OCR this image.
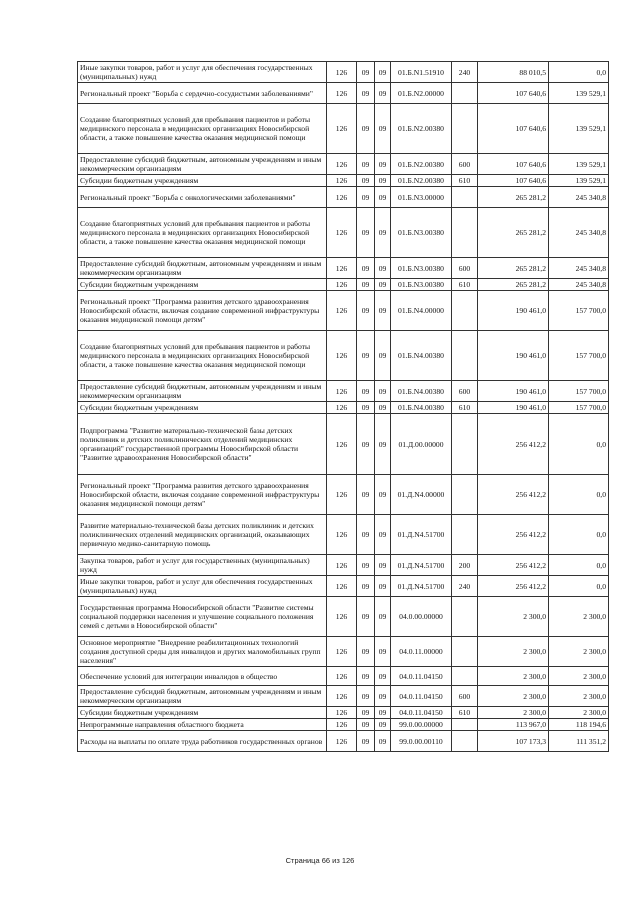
Иные закупки товаров, работ и услуг для обеспечения государственных (муниципальных) нужд	126	09	09	01.Б.N1.51910	240	88 010,5	0,0
Региональный проект "Борьба с сердечно-сосудистыми заболеваниями"	126	09	09	01.Б.N2.00000		107 640,6	139 529,1
Создание благоприятных условий для пребывания пациентов и работы медицинского персонала в медицинских организациях Новосибирской области, а также повышение качества оказания медицинской помощи	126	09	09	01.Б.N2.00380		107 640,6	139 529,1
Предоставление субсидий бюджетным, автономным учреждениям и иным некоммерческим организациям	126	09	09	01.Б.N2.00380	600	107 640,6	139 529,1
Субсидии бюджетным учреждениям	126	09	09	01.Б.N2.00380	610	107 640,6	139 529,1
Региональный проект "Борьба с онкологическими заболеваниями"	126	09	09	01.Б.N3.00000		265 281,2	245 340,8
Создание благоприятных условий для пребывания пациентов и работы медицинского персонала в медицинских организациях Новосибирской области, а также повышение качества оказания медицинской помощи	126	09	09	01.Б.N3.00380		265 281,2	245 340,8
Предоставление субсидий бюджетным, автономным учреждениям и иным некоммерческим организациям	126	09	09	01.Б.N3.00380	600	265 281,2	245 340,8
Субсидии бюджетным учреждениям	126	09	09	01.Б.N3.00380	610	265 281,2	245 340,8
Региональный проект "Программа развития детского здравоохранения Новосибирской области, включая создание современной инфраструктуры оказания медицинской помощи детям"	126	09	09	01.Б.N4.00000		190 461,0	157 700,0
Создание благоприятных условий для пребывания пациентов и работы медицинского персонала в медицинских организациях Новосибирской области, а также повышение качества оказания медицинской помощи	126	09	09	01.Б.N4.00380		190 461,0	157 700,0
Предоставление субсидий бюджетным, автономным учреждениям и иным некоммерческим организациям	126	09	09	01.Б.N4.00380	600	190 461,0	157 700,0
Субсидии бюджетным учреждениям	126	09	09	01.Б.N4.00380	610	190 461,0	157 700,0
Подпрограмма "Развитие материально-технической базы детских поликлиник и детских поликлинических отделений медицинских организаций" государственной программы Новосибирской области "Развитие здравоохранения Новосибирской области"	126	09	09	01.Д.00.00000		256 412,2	0,0
Региональный проект "Программа развития детского здравоохранения Новосибирской области, включая создание современной инфраструктуры оказания медицинской помощи детям"	126	09	09	01.Д.N4.00000		256 412,2	0,0
Развитие материально-технической базы детских поликлиник и детских поликлинических отделений медицинских организаций, оказывающих первичную медико-санитарную помощь	126	09	09	01.Д.N4.51700		256 412,2	0,0
Закупка товаров, работ и услуг для государственных (муниципальных) нужд	126	09	09	01.Д.N4.51700	200	256 412,2	0,0
Иные закупки товаров, работ и услуг для обеспечения государственных (муниципальных) нужд	126	09	09	01.Д.N4.51700	240	256 412,2	0,0
Государственная программа Новосибирской области "Развитие системы социальной поддержки населения и улучшение социального положения семей с детьми в Новосибирской области"	126	09	09	04.0.00.00000		2 300,0	2 300,0
Основное мероприятие "Внедрение реабилитационных технологий создания доступной среды для инвалидов и других маломобильных групп населения"	126	09	09	04.0.11.00000		2 300,0	2 300,0
Обеспечение условий для интеграции инвалидов в общество	126	09	09	04.0.11.04150		2 300,0	2 300,0
Предоставление субсидий бюджетным, автономным учреждениям и иным некоммерческим организациям	126	09	09	04.0.11.04150	600	2 300,0	2 300,0
Субсидии бюджетным учреждениям	126	09	09	04.0.11.04150	610	2 300,0	2 300,0
Непрограммные направления областного бюджета	126	09	09	99.0.00.00000		113 967,0	118 194,6
Расходы на выплаты по оплате труда работников государственных органов	126	09	09	99.0.00.00110		107 173,3	111 351,2
Страница 66 из 126
